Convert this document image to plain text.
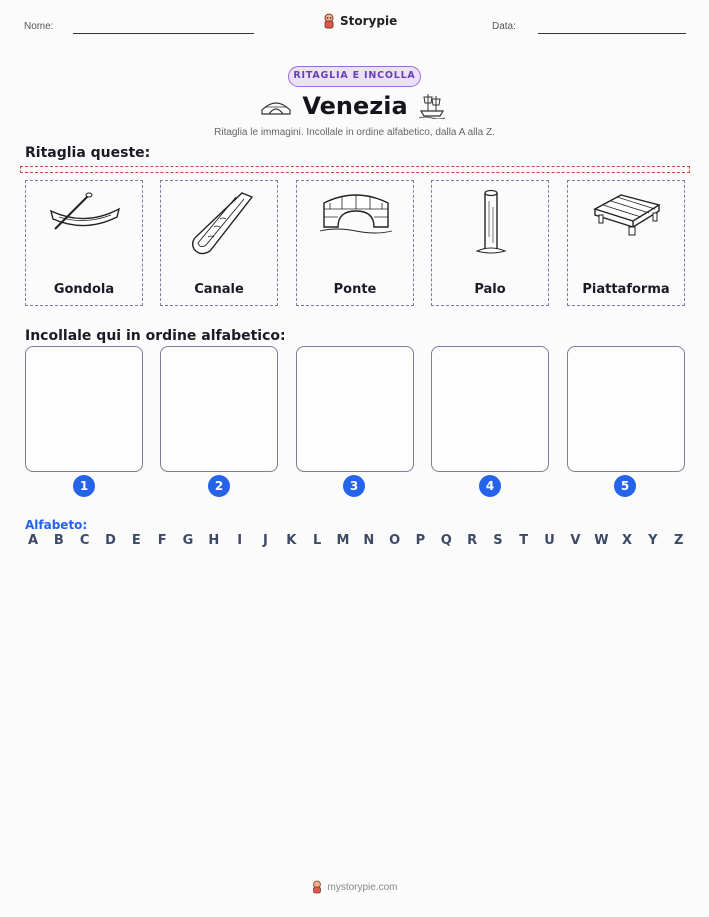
Nome:	Storypie	Data:
RITAGLIA E INCOLLA
Venezia
Ritaglia le immagini. Incollale in ordine alfabetico, dalla A alla Z.
Ritaglia queste:
Gondola	Canale	Ponte	Palo	Piattaforma
Incollale qui in ordine alfabetico:
1	2	3	4	5
Alfabeto:
A B C D E F G H	I	J	K L M N O P Q R S T U V W X Y Z
mystorypie.com
